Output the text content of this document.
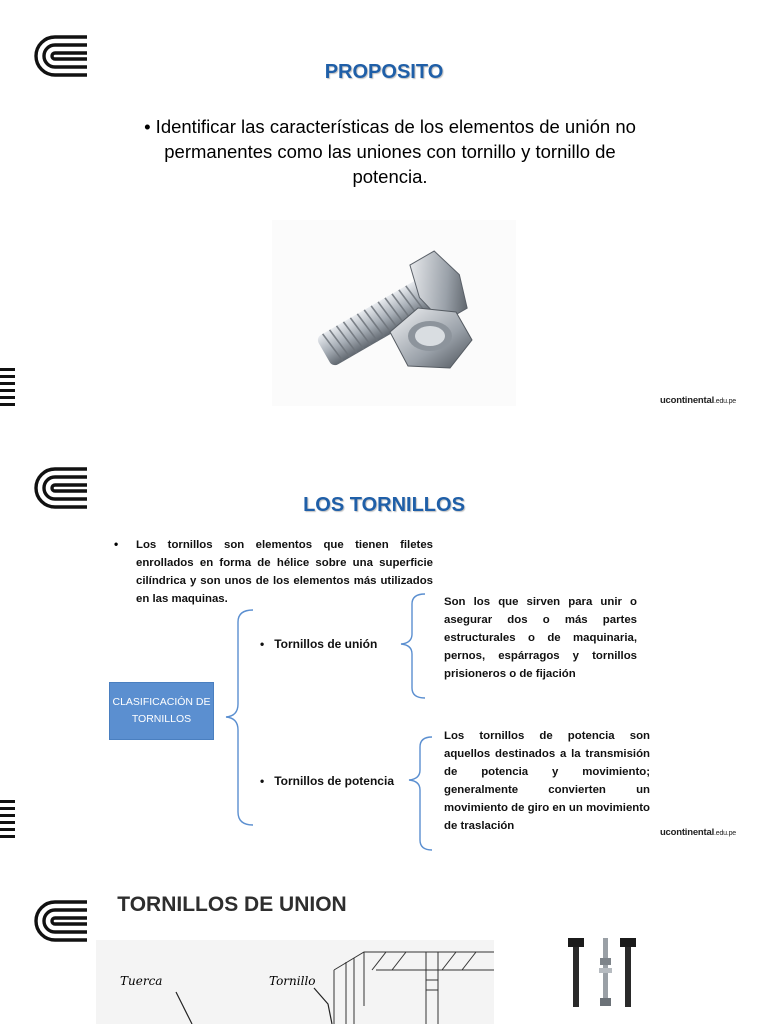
PROPOSITO
• Identificar las características de los elementos de unión no permanentes como las uniones con tornillo y tornillo de potencia.
ucontinental.edu.pe
LOS TORNILLOS
• Los tornillos son elementos que tienen filetes enrollados en forma de hélice sobre una superficie cilíndrica y son unos de los elementos más utilizados en las maquinas.
CLASIFICACIÓN DE TORNILLOS
•   Tornillos de unión
•   Tornillos de potencia
Son los que sirven para unir o asegurar dos o más partes estructurales o de maquinaria, pernos, espárragos y tornillos prisioneros o de fijación
Los tornillos de potencia son aquellos destinados a la transmisión de potencia y movimiento; generalmente convierten un movimiento de giro en un movimiento de traslación
ucontinental.edu.pe
TORNILLOS DE UNION
Tuerca	Tornillo
